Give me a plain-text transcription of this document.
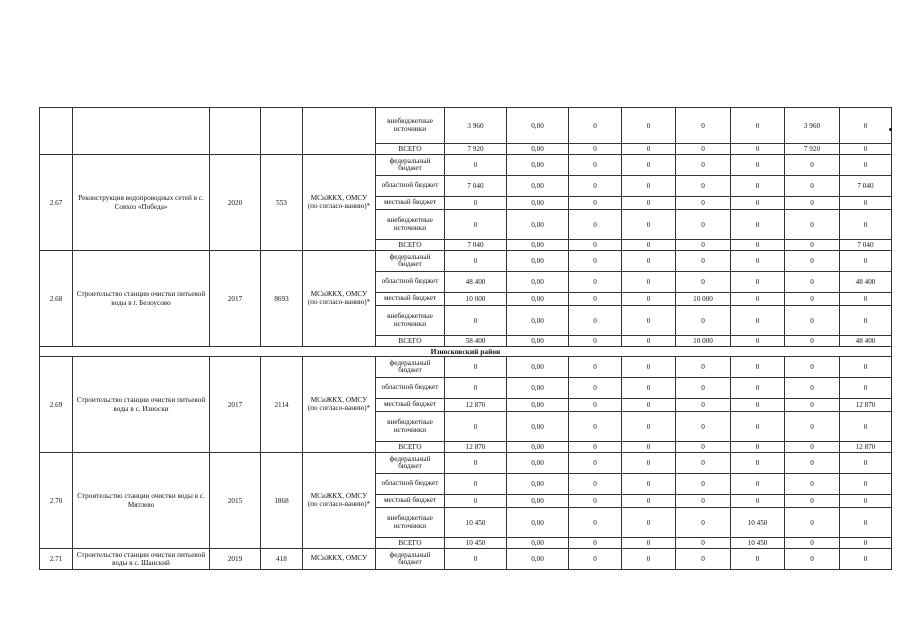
					внебюджетные источники	3 960	0,00	0	0	0	0	3 960	0
					ВСЕГО	7 920	0,00	0	0	0	0	7 920	0
2.67	Реконструкция водопроводных сетей в с. Совхоз «Победа»	2020	553	МСиЖКХ, ОМСУ (по согласо-ванию)*	федеральный бюджет	0	0,00	0	0	0	0	0	0
					областной бюджет	7 040	0,00	0	0	0	0	0	7 040
					местный бюджет	0	0,00	0	0	0	0	0	0
					внебюджетные источники	0	0,00	0	0	0	0	0	0
					ВСЕГО	7 040	0,00	0	0	0	0	0	7 040
2.68	Строительство станции очистки питьевой воды в г. Белоусово	2017	8693	МСиЖКХ, ОМСУ (по согласо-ванию)*	федеральный бюджет	0	0,00	0	0	0	0	0	0
					областной бюджет	48 400	0,00	0	0	0	0	0	48 400
					местный бюджет	10 000	0,00	0	0	10 000	0	0	0
					внебюджетные источники	0	0,00	0	0	0	0	0	0
					ВСЕГО	58 400	0,00	0	0	10 000	0	0	48 400
Износковский район													
2.69	Строительство станции очистки питьевой воды в с. Износки	2017	2114	МСиЖКХ, ОМСУ (по согласо-ванию)*	федеральный бюджет	0	0,00	0	0	0	0	0	0
					областной бюджет	0	0,00	0	0	0	0	0	0
					местный бюджет	12 870	0,00	0	0	0	0	0	12 870
					внебюджетные источники	0	0,00	0	0	0	0	0	0
					ВСЕГО	12 870	0,00	0	0	0	0	0	12 870
2.70	Строительство станции очистки воды в с. Мятлево	2015	1868	МСиЖКХ, ОМСУ (по согласо-ванию)*	федеральный бюджет	0	0,00	0	0	0	0	0	0
					областной бюджет	0	0,00	0	0	0	0	0	0
					местный бюджет	0	0,00	0	0	0	0	0	0
					внебюджетные источники	10 450	0,00	0	0	0	10 450	0	0
					ВСЕГО	10 450	0,00	0	0	0	10 450	0	0
2.71	Строительство станции очистки питьевой воды в с. Шанский	2019	418	МСиЖКХ, ОМСУ	федеральный бюджет	0	0,00	0	0	0	0	0	0
